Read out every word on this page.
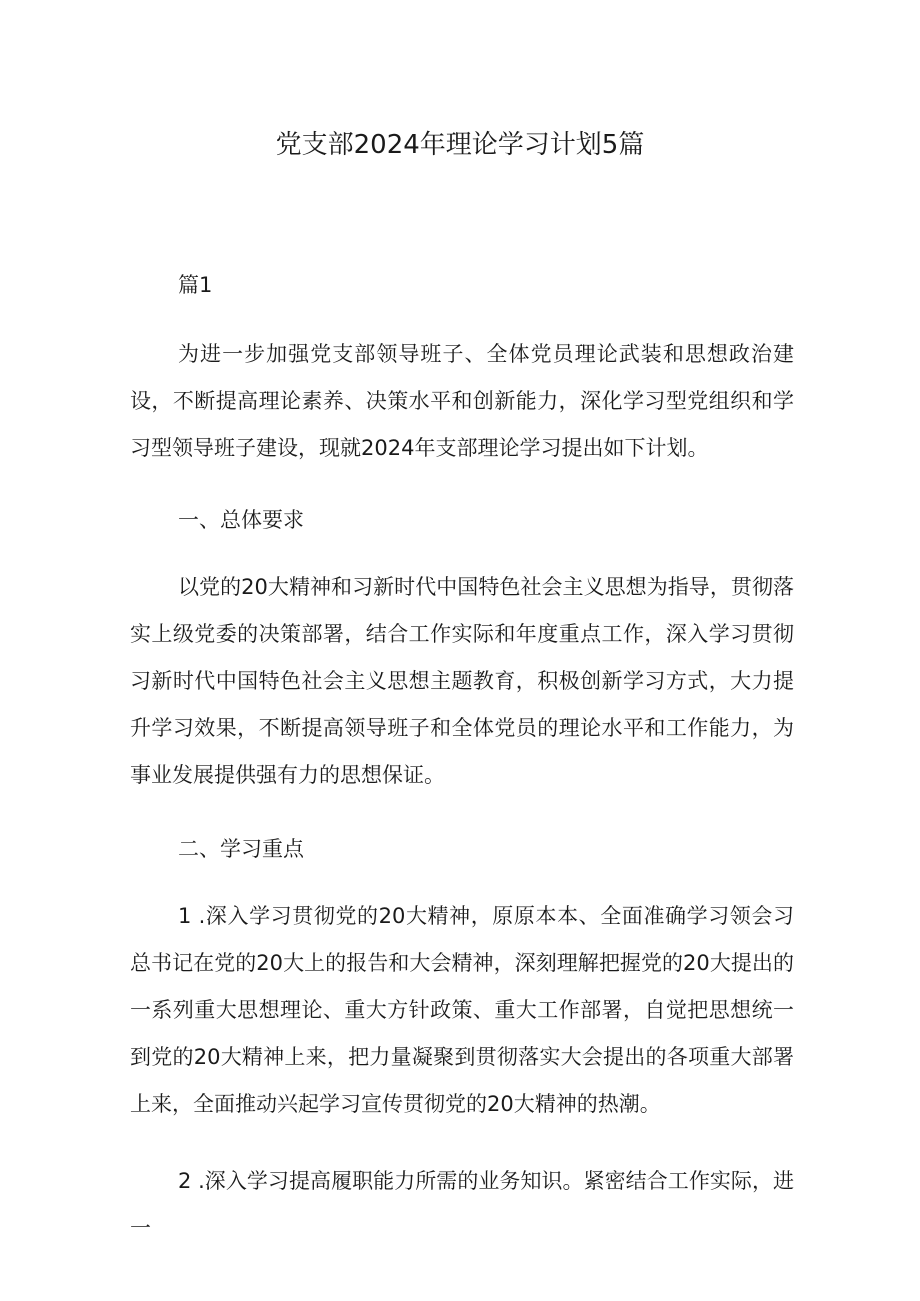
党支部2024年理论学习计划5篇

篇1

为进一步加强党支部领导班子、全体党员理论武装和思想政治建设，不断提高理论素养、决策水平和创新能力，深化学习型党组织和学习型领导班子建设，现就2024年支部理论学习提出如下计划。

一、总体要求

以党的20大精神和习新时代中国特色社会主义思想为指导，贯彻落实上级党委的决策部署，结合工作实际和年度重点工作，深入学习贯彻习新时代中国特色社会主义思想主题教育，积极创新学习方式，大力提升学习效果，不断提高领导班子和全体党员的理论水平和工作能力，为事业发展提供强有力的思想保证。

二、学习重点

1 .深入学习贯彻党的20大精神，原原本本、全面准确学习领会习总书记在党的20大上的报告和大会精神，深刻理解把握党的20大提出的一系列重大思想理论、重大方针政策、重大工作部署，自觉把思想统一到党的20大精神上来，把力量凝聚到贯彻落实大会提出的各项重大部署上来，全面推动兴起学习宣传贯彻党的20大精神的热潮。

2 .深入学习提高履职能力所需的业务知识。紧密结合工作实际，进一
